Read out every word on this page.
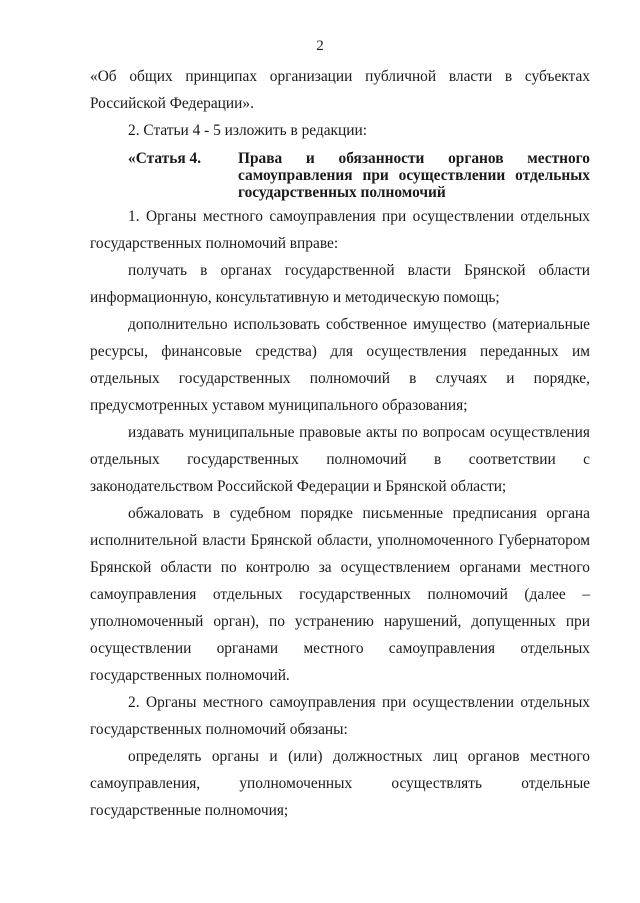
2

«Об общих принципах организации публичной власти в субъектах Российской Федерации».

2. Статьи 4 - 5 изложить в редакции:

«Статья 4.	Права и обязанности органов местного самоуправления при осуществлении отдельных государственных полномочий

1. Органы местного самоуправления при осуществлении отдельных государственных полномочий вправе:

получать в органах государственной власти Брянской области информационную, консультативную и методическую помощь;

дополнительно использовать собственное имущество (материальные ресурсы, финансовые средства) для осуществления переданных им отдельных государственных полномочий в случаях и порядке, предусмотренных уставом муниципального образования;

издавать муниципальные правовые акты по вопросам осуществления отдельных государственных полномочий в соответствии с законодательством Российской Федерации и Брянской области;

обжаловать в судебном порядке письменные предписания органа исполнительной власти Брянской области, уполномоченного Губернатором Брянской области по контролю за осуществлением органами местного самоуправления отдельных государственных полномочий (далее – уполномоченный орган), по устранению нарушений, допущенных при осуществлении органами местного самоуправления отдельных государственных полномочий.

2. Органы местного самоуправления при осуществлении отдельных государственных полномочий обязаны:

определять органы и (или) должностных лиц органов местного самоуправления, уполномоченных осуществлять отдельные государственные полномочия;
